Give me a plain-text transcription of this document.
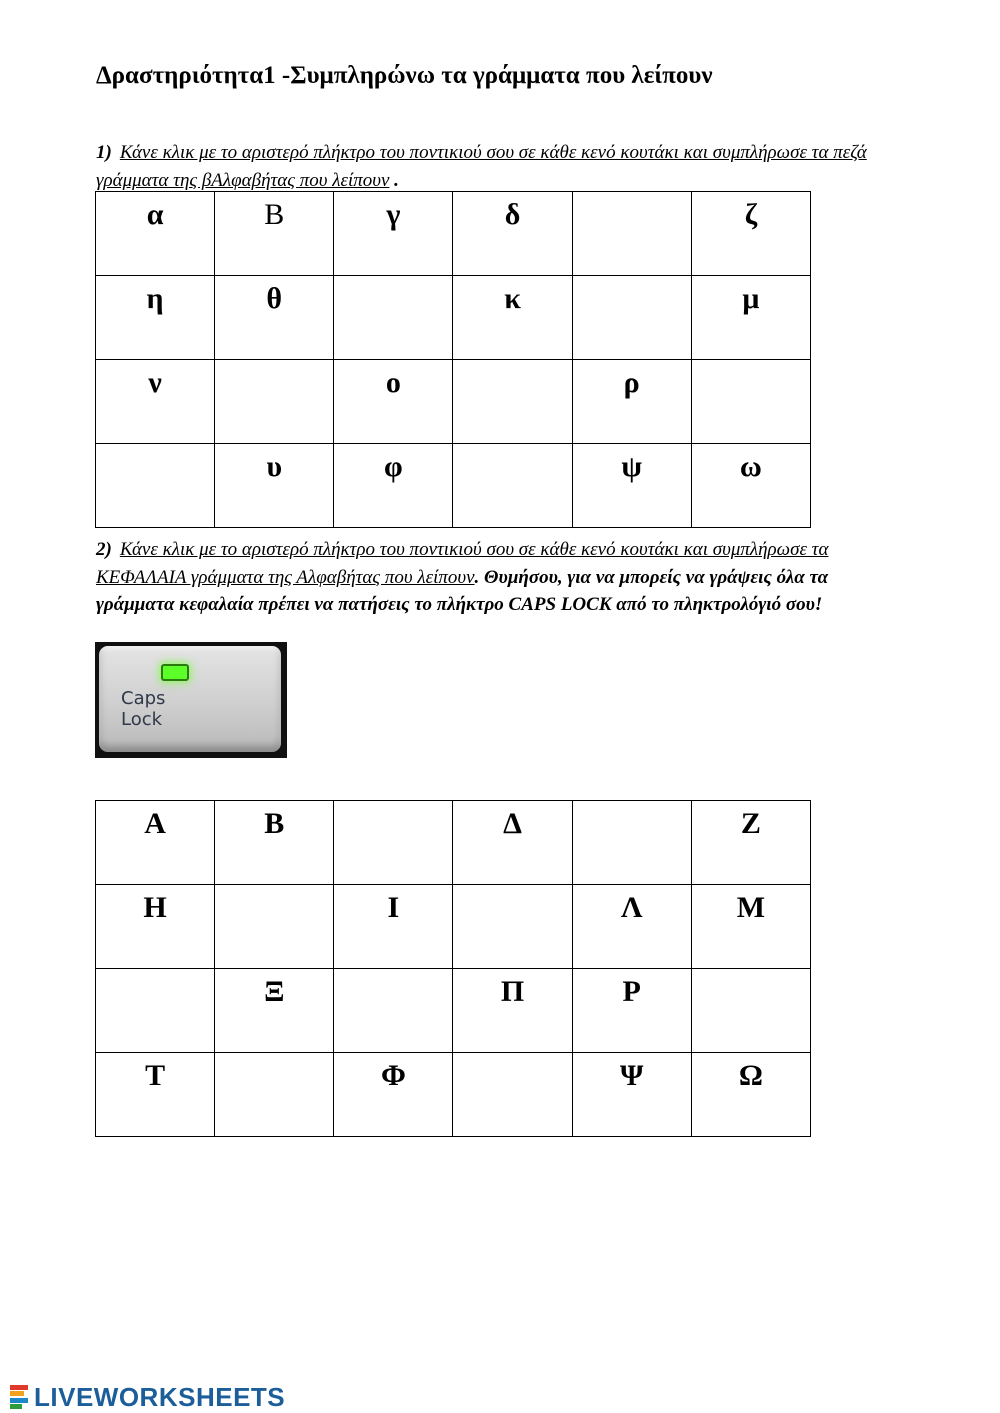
Δραστηριότητα1 -Συμπληρώνω τα γράμματα που λείπουν
1) Κάνε κλικ με το αριστερό πλήκτρο του ποντικιού σου σε κάθε κενό κουτάκι και συμπλήρωσε τα πεζά γράμματα της βΑλφαβήτας που λείπουν .
α	Β	γ	δ		ζ
η	θ		κ		μ
ν		ο		ρ	
	υ	φ		ψ	ω
2) Κάνε κλικ με το αριστερό πλήκτρο του ποντικιού σου σε κάθε κενό κουτάκι και συμπλήρωσε τα ΚΕΦΑΛΑΙΑ γράμματα της Αλφαβήτας που λείπουν. Θυμήσου, για να μπορείς να γράψεις όλα τα γράμματα κεφαλαία πρέπει να πατήσεις το πλήκτρο CAPS LOCK από το πληκτρολόγιό σου!
Caps
Lock
Α	Β		Δ		Ζ
Η		Ι		Λ	Μ
	Ξ		Π	Ρ	
Τ		Φ		Ψ	Ω
LIVEWORKSHEETS
